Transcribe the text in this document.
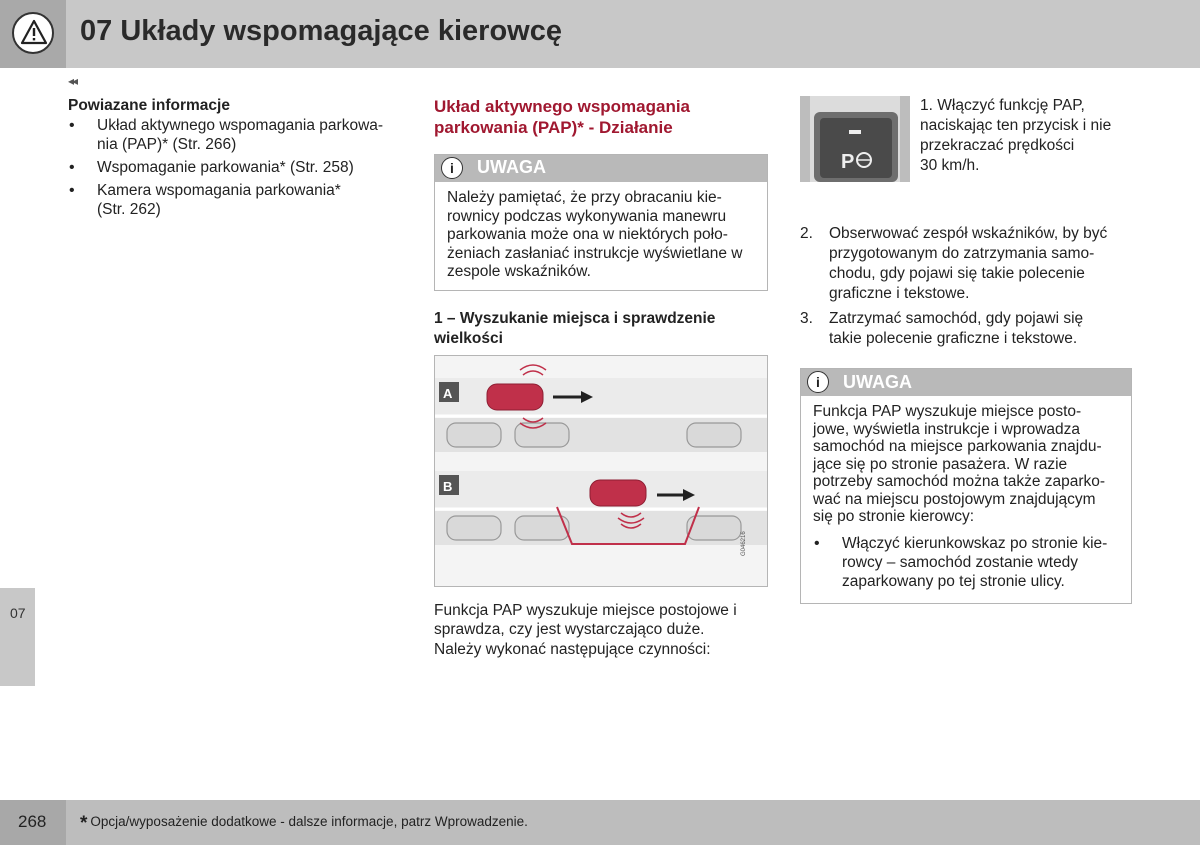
07 Układy wspomagające kierowcę
◂◂
Powiazane informacje
• Układ aktywnego wspomagania parkowa-
nia (PAP)* (Str. 266)
• Wspomaganie parkowania* (Str. 258)
• Kamera wspomagania parkowania*
(Str. 262)
Układ aktywnego wspomagania
parkowania (PAP)* - Działanie
i	UWAGA
Należy pamiętać, że przy obracaniu kie-
rownicy podczas wykonywania manewru
parkowania może ona w niektórych poło-
żeniach zasłaniać instrukcje wyświetlane w
zespole wskaźników.
1 – Wyszukanie miejsca i sprawdzenie
wielkości
A
B
G046216
Funkcja PAP wyszukuje miejsce postojowe i
sprawdza, czy jest wystarczająco duże.
Należy wykonać następujące czynności:
P
1. Włączyć funkcję PAP,
naciskając ten przycisk i nie
przekraczać prędkości
30 km/h.
2. Obserwować zespół wskaźników, by być
przygotowanym do zatrzymania samo-
chodu, gdy pojawi się takie polecenie
graficzne i tekstowe.
3. Zatrzymać samochód, gdy pojawi się
takie polecenie graficzne i tekstowe.
i	UWAGA
Funkcja PAP wyszukuje miejsce posto-
jowe, wyświetla instrukcje i wprowadza
samochód na miejsce parkowania znajdu-
jące się po stronie pasażera. W razie
potrzeby samochód można także zaparko-
wać na miejscu postojowym znajdującym
się po stronie kierowcy:
• Włączyć kierunkowskaz po stronie kie-
rowcy – samochód zostanie wtedy
zaparkowany po tej stronie ulicy.
07
268 * Opcja/wyposażenie dodatkowe - dalsze informacje, patrz Wprowadzenie.
